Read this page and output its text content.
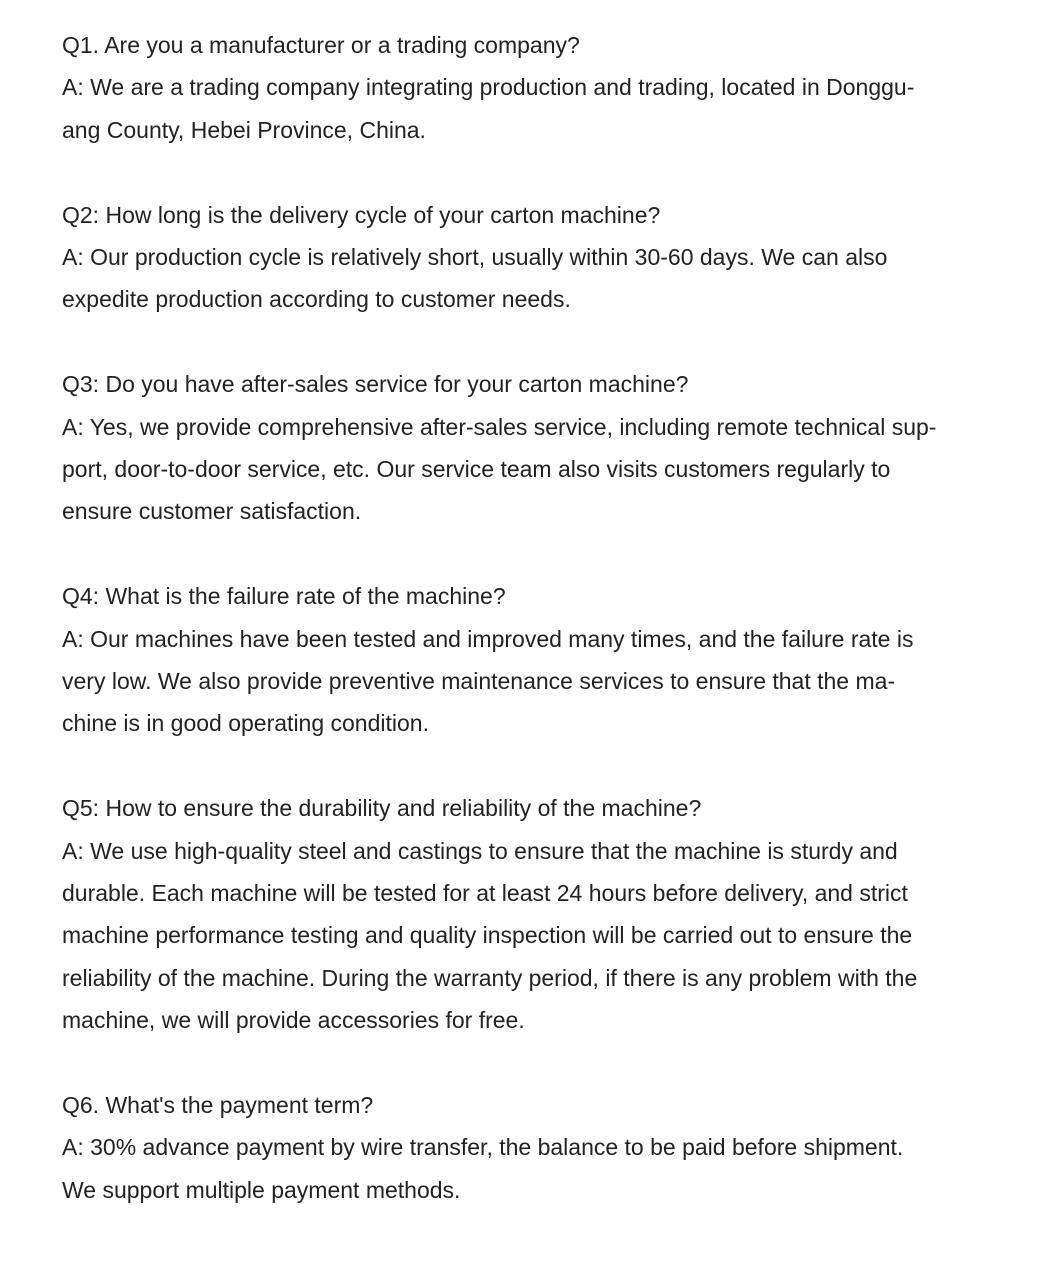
Q1. Are you a manufacturer or a trading company?
A: We are a trading company integrating production and trading, located in Donggu-
ang County, Hebei Province, China.
Q2: How long is the delivery cycle of your carton machine?
A: Our production cycle is relatively short, usually within 30-60 days. We can also
expedite production according to customer needs.
Q3: Do you have after-sales service for your carton machine?
A: Yes, we provide comprehensive after-sales service, including remote technical sup-
port, door-to-door service, etc. Our service team also visits customers regularly to
ensure customer satisfaction.
Q4: What is the failure rate of the machine?
A: Our machines have been tested and improved many times, and the failure rate is
very low. We also provide preventive maintenance services to ensure that the ma-
chine is in good operating condition.
Q5: How to ensure the durability and reliability of the machine?
A: We use high-quality steel and castings to ensure that the machine is sturdy and
durable. Each machine will be tested for at least 24 hours before delivery, and strict
machine performance testing and quality inspection will be carried out to ensure the
reliability of the machine. During the warranty period, if there is any problem with the
machine, we will provide accessories for free.
Q6. What's the payment term?
A: 30% advance payment by wire transfer, the balance to be paid before shipment.
We support multiple payment methods.
